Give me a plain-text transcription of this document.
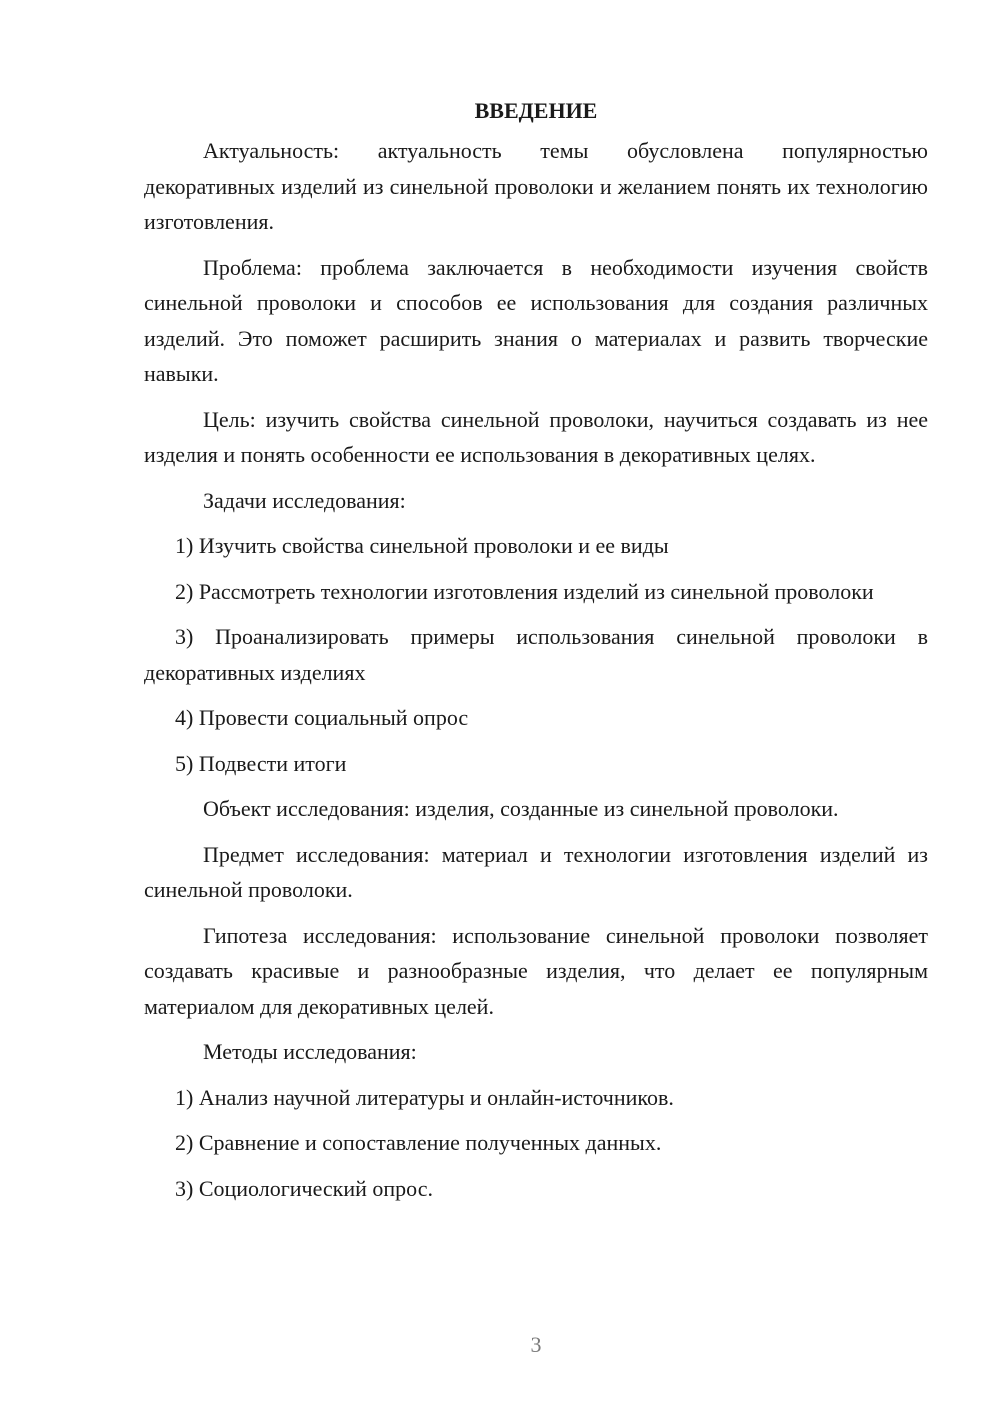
ВВЕДЕНИЕ

Актуальность: актуальность темы обусловлена популярностью декоративных изделий из синельной проволоки и желанием понять их технологию изготовления.

Проблема: проблема заключается в необходимости изучения свойств синельной проволоки и способов ее использования для создания различных изделий. Это поможет расширить знания о материалах и развить творческие навыки.

Цель: изучить свойства синельной проволоки, научиться создавать из нее изделия и понять особенности ее использования в декоративных целях.

Задачи исследования:

1) Изучить свойства синельной проволоки и ее виды

2) Рассмотреть технологии изготовления изделий из синельной проволоки

3) Проанализировать примеры использования синельной проволоки в декоративных изделиях

4) Провести социальный опрос

5) Подвести итоги

Объект исследования: изделия, созданные из синельной проволоки.

Предмет исследования: материал и технологии изготовления изделий из синельной проволоки.

Гипотеза исследования: использование синельной проволоки позволяет создавать красивые и разнообразные изделия, что делает ее популярным материалом для декоративных целей.

Методы исследования:

1) Анализ научной литературы и онлайн-источников.

2) Сравнение и сопоставление полученных данных.

3) Социологический опрос.

3
